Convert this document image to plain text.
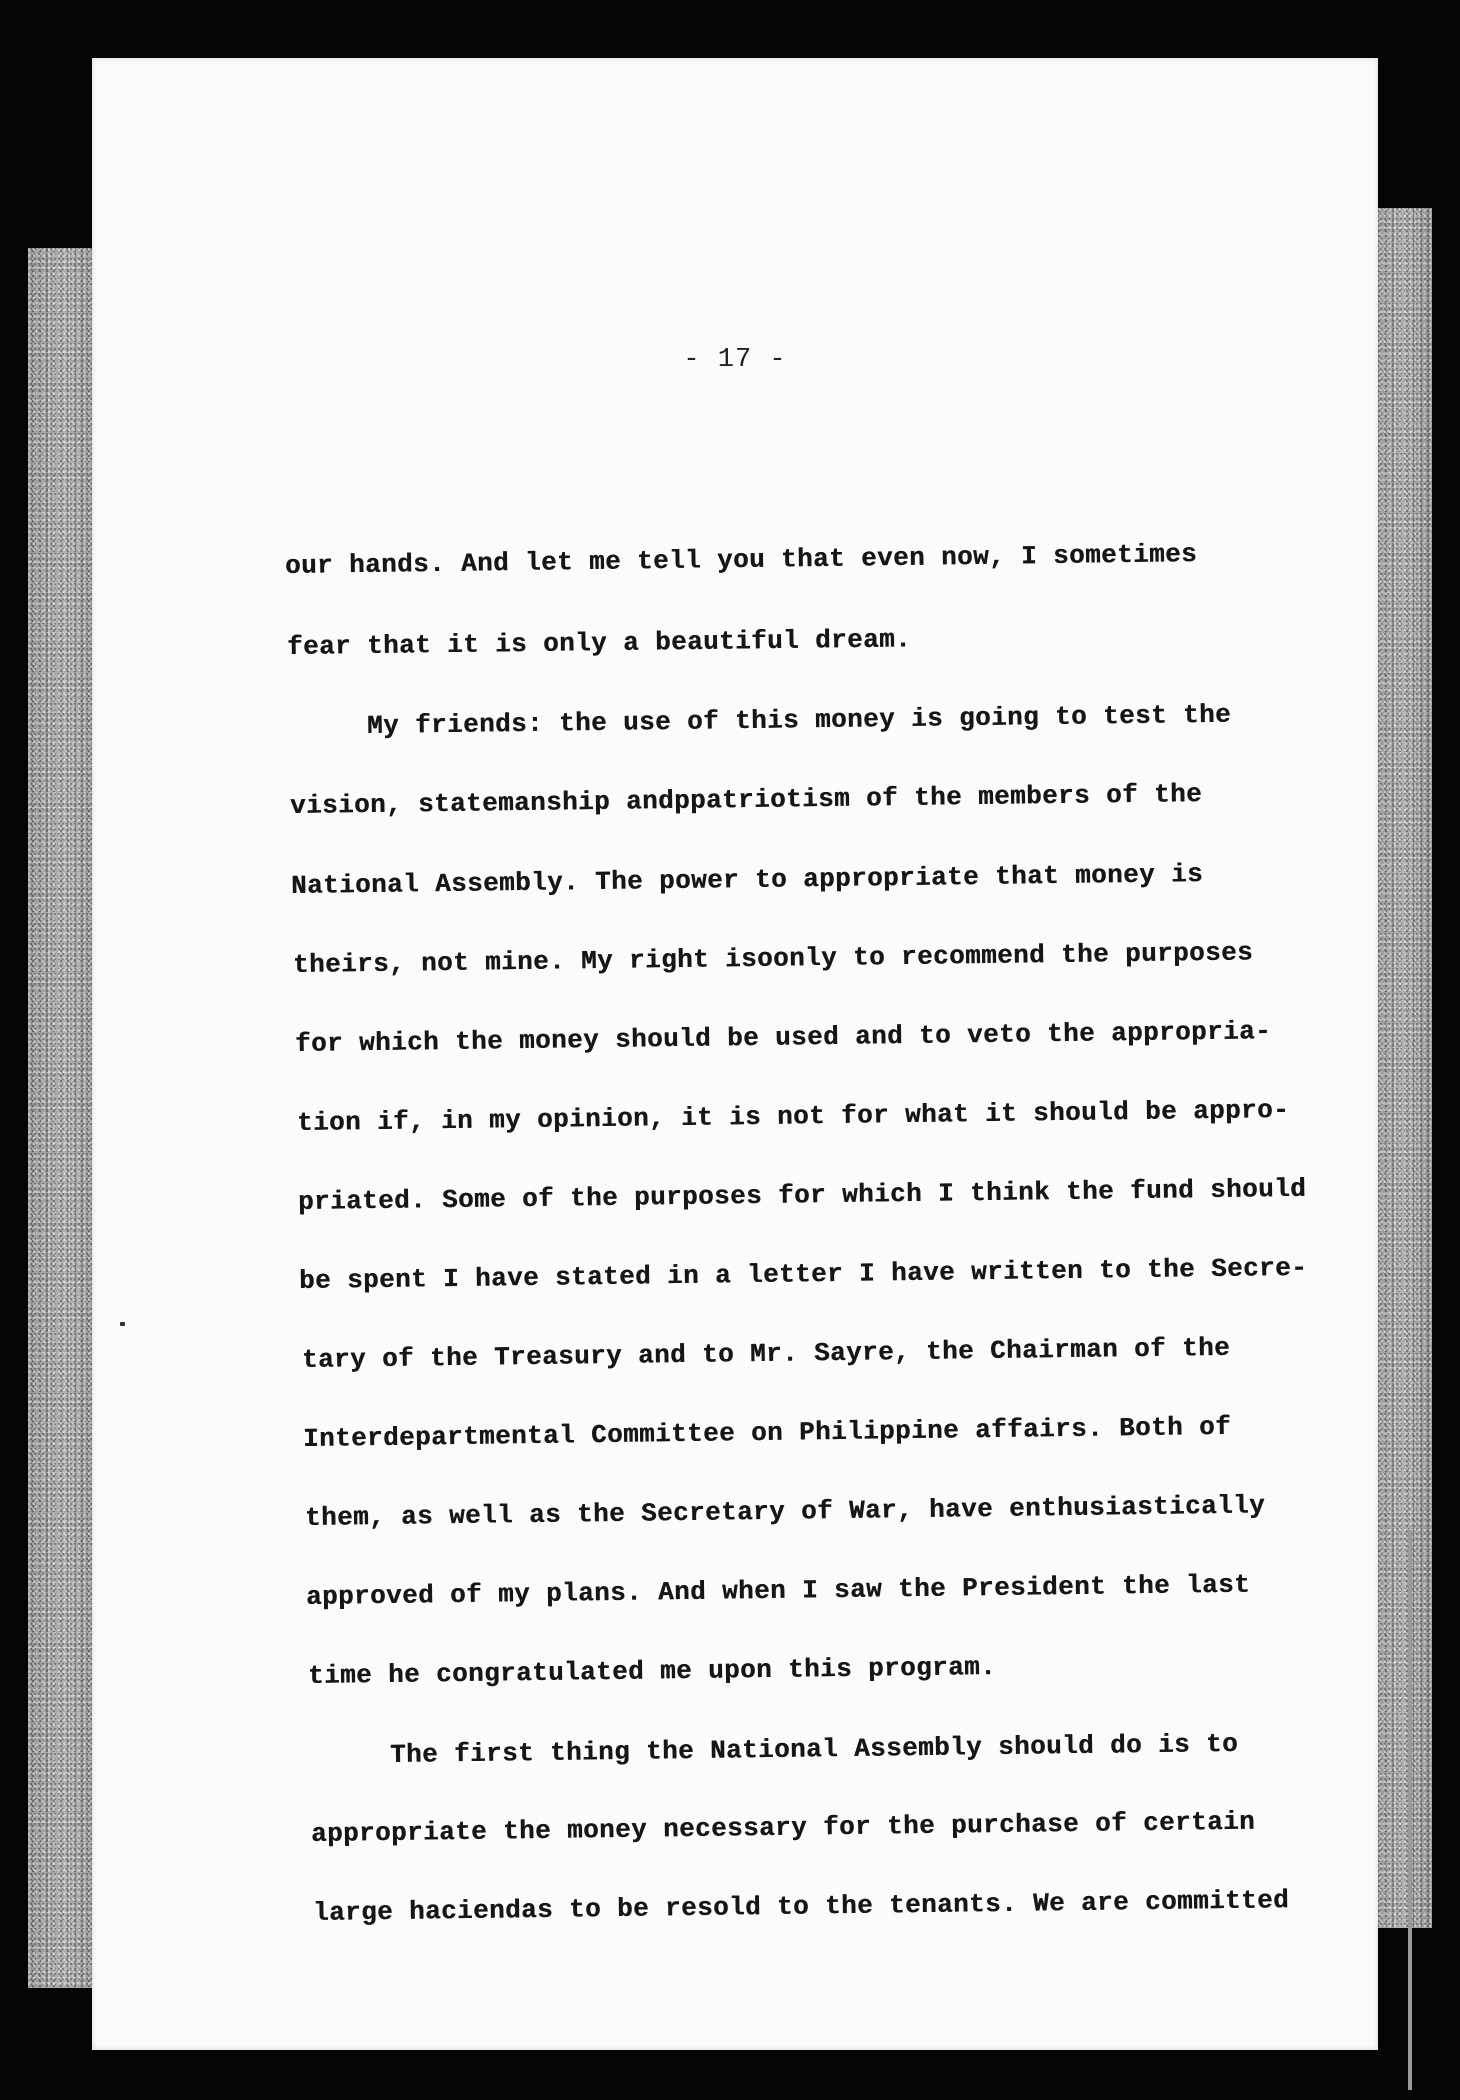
- 17 -
our hands. And let me tell you that even now, I sometimes
fear that it is only a beautiful dream.
My friends: the use of this money is going to test the
vision, statemanship andppatriotism of the members of the
National Assembly. The power to appropriate that money is
theirs, not mine. My right isoonly to recommend the purposes
for which the money should be used and to veto the appropria-
tion if, in my opinion, it is not for what it should be appro-
priated. Some of the purposes for which I think the fund should
be spent I have stated in a letter I have written to the Secre-
tary of the Treasury and to Mr. Sayre, the Chairman of the
Interdepartmental Committee on Philippine affairs. Both of
them, as well as the Secretary of War, have enthusiastically
approved of my plans. And when I saw the President the last
time he congratulated me upon this program.
The first thing the National Assembly should do is to
appropriate the money necessary for the purchase of certain
large haciendas to be resold to the tenants. We are committed
